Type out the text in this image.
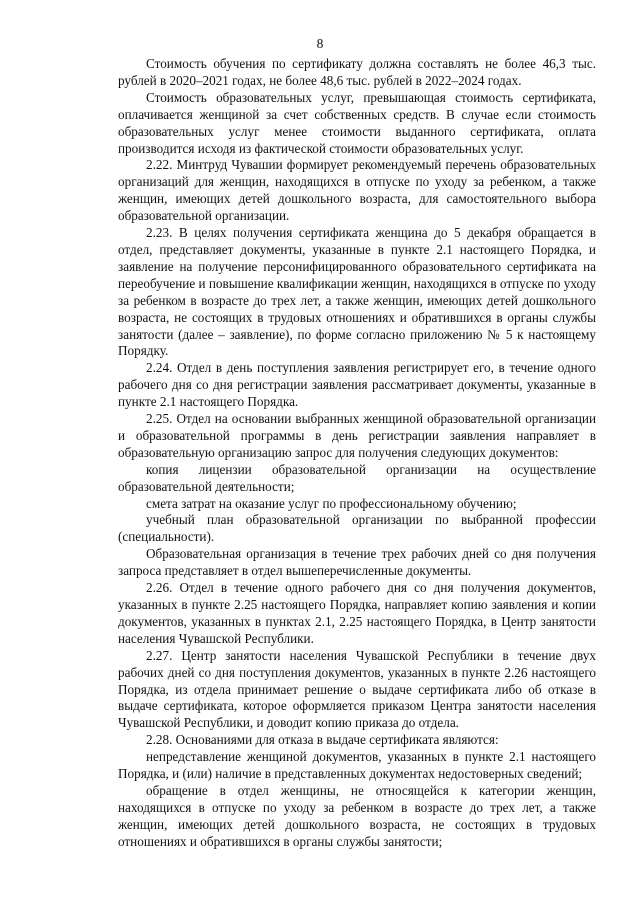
8

Стоимость обучения по сертификату должна составлять не более 46,3 тыс. рублей в 2020–2021 годах, не более 48,6 тыс. рублей в 2022–2024 годах.

Стоимость образовательных услуг, превышающая стоимость сертификата, оплачивается женщиной за счет собственных средств. В случае если стоимость образовательных услуг менее стоимости выданного сертификата, оплата производится исходя из фактической стоимости образовательных услуг.

2.22. Минтруд Чувашии формирует рекомендуемый перечень образовательных организаций для женщин, находящихся в отпуске по уходу за ребенком, а также женщин, имеющих детей дошкольного возраста, для самостоятельного выбора образовательной организации.

2.23. В целях получения сертификата женщина до 5 декабря обращается в отдел, представляет документы, указанные в пункте 2.1 настоящего Порядка, и заявление на получение персонифицированного образовательного сертификата на переобучение и повышение квалификации женщин, находящихся в отпуске по уходу за ребенком в возрасте до трех лет, а также женщин, имеющих детей дошкольного возраста, не состоящих в трудовых отношениях и обратившихся в органы службы занятости (далее – заявление), по форме согласно приложению № 5 к настоящему Порядку.

2.24. Отдел в день поступления заявления регистрирует его, в течение одного рабочего дня со дня регистрации заявления рассматривает документы, указанные в пункте 2.1 настоящего Порядка.

2.25. Отдел на основании выбранных женщиной образовательной организации и образовательной программы в день регистрации заявления направляет в образовательную организацию запрос для получения следующих документов:

копия лицензии образовательной организации на осуществление образовательной деятельности;

смета затрат на оказание услуг по профессиональному обучению;

учебный план образовательной организации по выбранной профессии (специальности).

Образовательная организация в течение трех рабочих дней со дня получения запроса представляет в отдел вышеперечисленные документы.

2.26. Отдел в течение одного рабочего дня со дня получения документов, указанных в пункте 2.25 настоящего Порядка, направляет копию заявления и копии документов, указанных в пунктах 2.1, 2.25 настоящего Порядка, в Центр занятости населения Чувашской Республики.

2.27. Центр занятости населения Чувашской Республики в течение двух рабочих дней со дня поступления документов, указанных в пункте 2.26 настоящего Порядка, из отдела принимает решение о выдаче сертификата либо об отказе в выдаче сертификата, которое оформляется приказом Центра занятости населения Чувашской Республики, и доводит копию приказа до отдела.

2.28. Основаниями для отказа в выдаче сертификата являются:

непредставление женщиной документов, указанных в пункте 2.1 настоящего Порядка, и (или) наличие в представленных документах недостоверных сведений;

обращение в отдел женщины, не относящейся к категории женщин, находящихся в отпуске по уходу за ребенком в возрасте до трех лет, а также женщин, имеющих детей дошкольного возраста, не состоящих в трудовых отношениях и обратившихся в органы службы занятости;
